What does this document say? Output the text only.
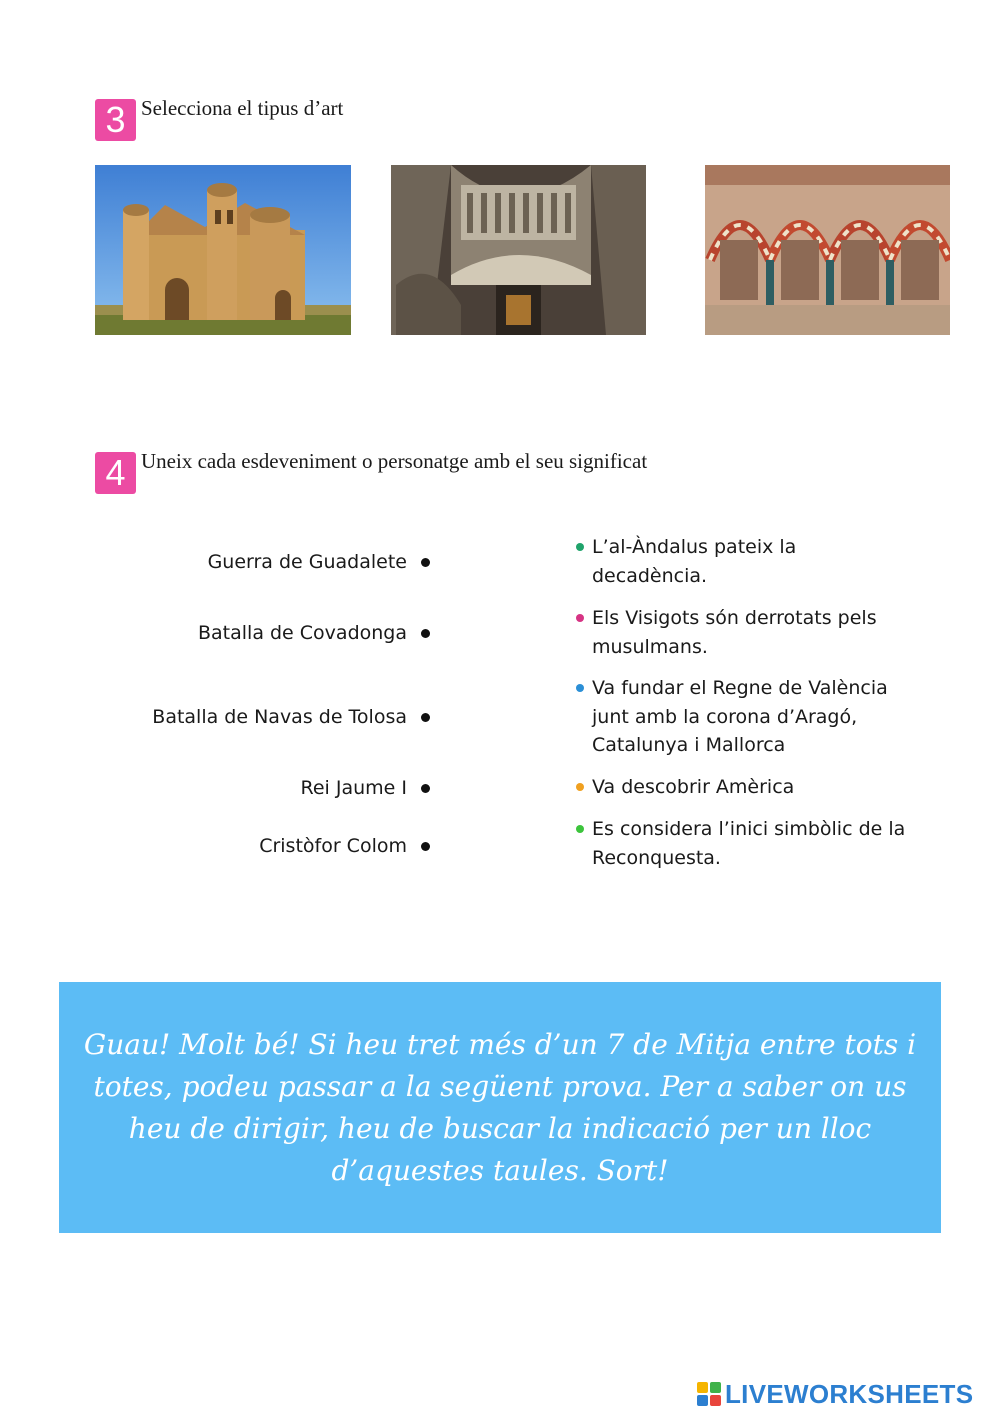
3 Selecciona el tipus d’art
4 Uneix cada esdeveniment o personatge amb el seu significat
Guerra de Guadalete
Batalla de Covadonga
Batalla de Navas de Tolosa
Rei Jaume I
Cristòfor Colom
L’al-Àndalus pateix la decadència.
Els Visigots són derrotats pels musulmans.
Va fundar el Regne de València junt amb la corona d’Aragó, Catalunya i Mallorca
Va descobrir Amèrica
Es considera l’inici simbòlic de la Reconquesta.

Guau! Molt bé! Si heu tret més d’un 7 de Mitja entre tots i totes, podeu passar a la següent prova. Per a saber on us heu de dirigir, heu de buscar la indicació per un lloc d’aquestes taules. Sort!

LIVEWORKSHEETS
